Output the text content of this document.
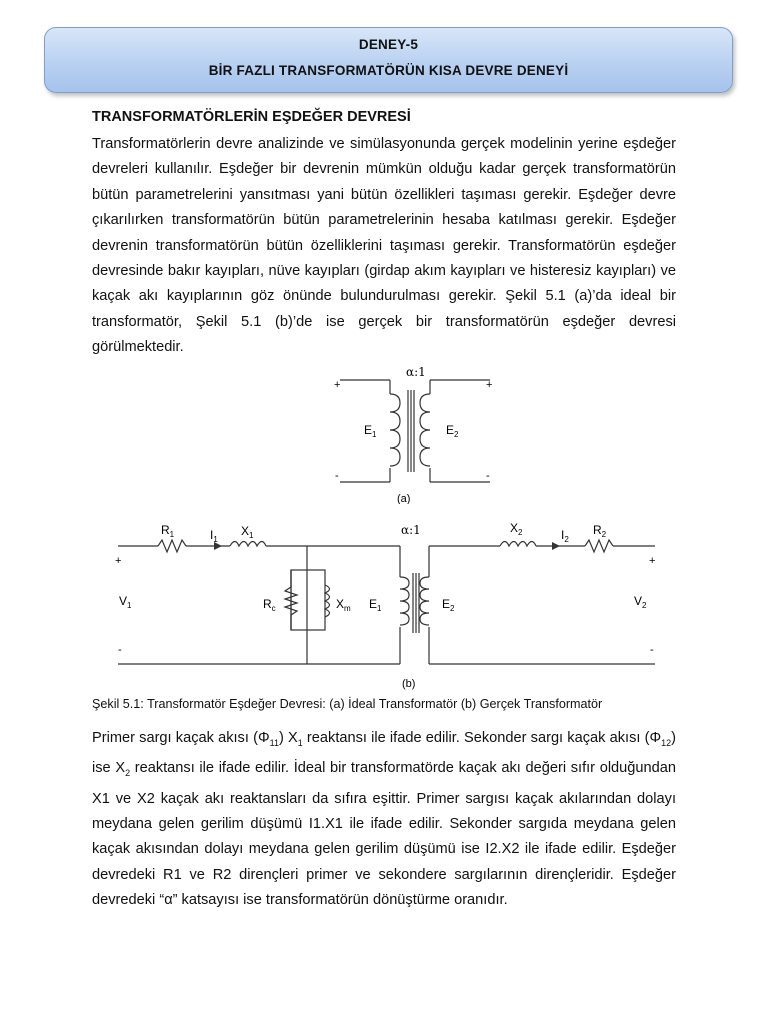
DENEY-5
BİR FAZLI TRANSFORMATÖRÜN KISA DEVRE DENEYİ
TRANSFORMATÖRLERİN EŞDEĞER DEVRESİ

Transformatörlerin devre analizinde ve simülasyonunda gerçek modelinin yerine eşdeğer devreleri kullanılır. Eşdeğer bir devrenin mümkün olduğu kadar gerçek transformatörün bütün parametrelerini yansıtması yani bütün özellikleri taşıması gerekir. Eşdeğer devre çıkarılırken transformatörün bütün parametrelerinin hesaba katılması gerekir. Eşdeğer devrenin transformatörün bütün özelliklerini taşıması gerekir. Transformatörün eşdeğer devresinde bakır kayıpları, nüve kayıpları (girdap akım kayıpları ve histeresiz kayıpları) ve kaçak akı kayıplarının göz önünde bulundurulması gerekir. Şekil 5.1 (a)’da ideal bir transformatör, Şekil 5.1 (b)’de ise gerçek bir transformatörün eşdeğer devresi görülmektedir.

α:1
+	+
-	-
$E_1$	$E_2$
(a)
$R_1$	$I_1$
$X_1$	α:1	$X_2$	$I_2$
$R_2$
+	+
-	-
$V_1$	$R_c$	$X_m$ $E_1$	$E_2$
$V_2$
(b)
Şekil 5.1: Transformatör Eşdeğer Devresi: (a) İdeal Transformatör (b) Gerçek Transformatör

Primer sargı kaçak akısı $(\Phi_{11})$ $X_1$ reaktansı ile ifade edilir. Sekonder sargı kaçak akısı $(\Phi_{12})$ ise $X_2$ reaktansı ile ifade edilir. İdeal bir transformatörde kaçak akı değeri sıfır olduğundan X1 ve X2 kaçak akı reaktansları da sıfıra eşittir. Primer sargısı kaçak akılarından dolayı meydana gelen gerilim düşümü I1.X1 ile ifade edilir. Sekonder sargıda meydana gelen kaçak akısından dolayı meydana gelen gerilim düşümü ise I2.X2 ile ifade edilir. Eşdeğer devredeki R1 ve R2 dirençleri primer ve sekondere sargılarının dirençleridir. Eşdeğer devredeki “α” katsayısı ise transformatörün dönüştürme oranıdır.
